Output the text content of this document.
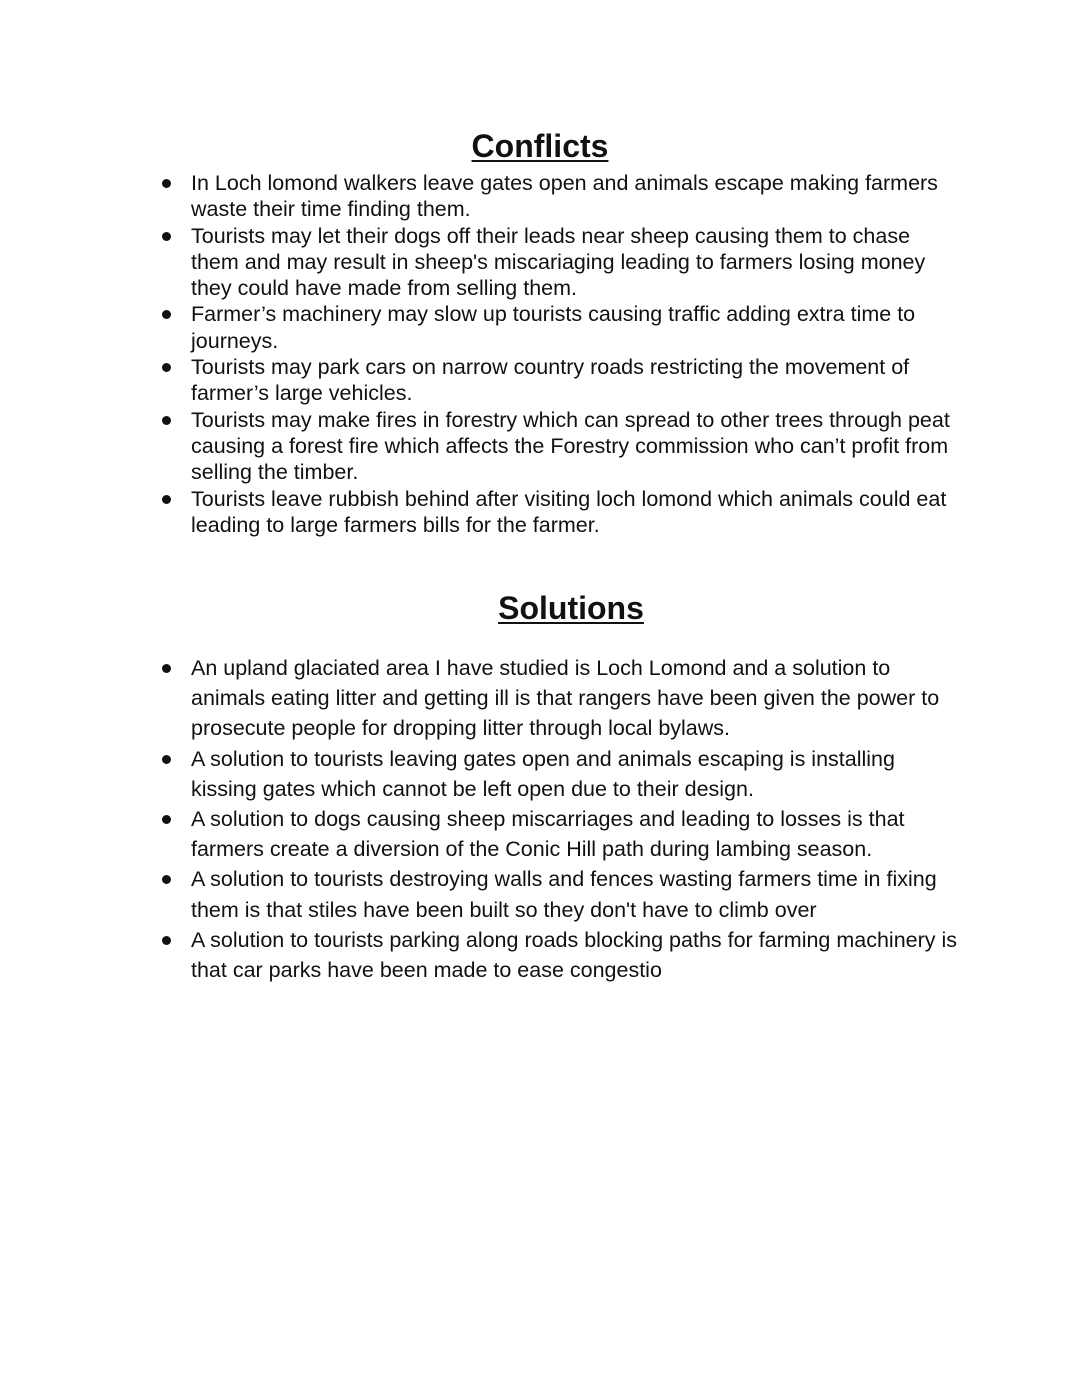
Conflicts
In Loch lomond walkers leave gates open and animals escape making farmers waste their time finding them.
Tourists may let their dogs off their leads near sheep causing them to chase them and may result in sheep's miscariaging leading to farmers losing money they could have made from selling them.
Farmer’s machinery may slow up tourists causing traffic adding extra time to journeys.
Tourists may park cars on narrow country roads restricting the movement of farmer’s large vehicles.
Tourists may make fires in forestry which can spread to other trees through peat causing a forest fire which affects the Forestry commission who can’t profit from selling the timber.
Tourists leave rubbish behind after visiting loch lomond which animals could eat leading to large farmers bills for the farmer.
Solutions
An upland glaciated area I have studied is Loch Lomond and a solution to animals eating litter and getting ill is that rangers have been given the power to prosecute people for dropping litter through local bylaws.
A solution to tourists leaving gates open and animals escaping is installing kissing gates which cannot be left open due to their design.
A solution to dogs causing sheep miscarriages and leading to losses is that farmers create a diversion of the Conic Hill path during lambing season.
A solution to tourists destroying walls and fences wasting farmers time in fixing them is that stiles have been built so they don't have to climb over
A solution to tourists parking along roads blocking paths for farming machinery is that car parks have been made to ease congestio
